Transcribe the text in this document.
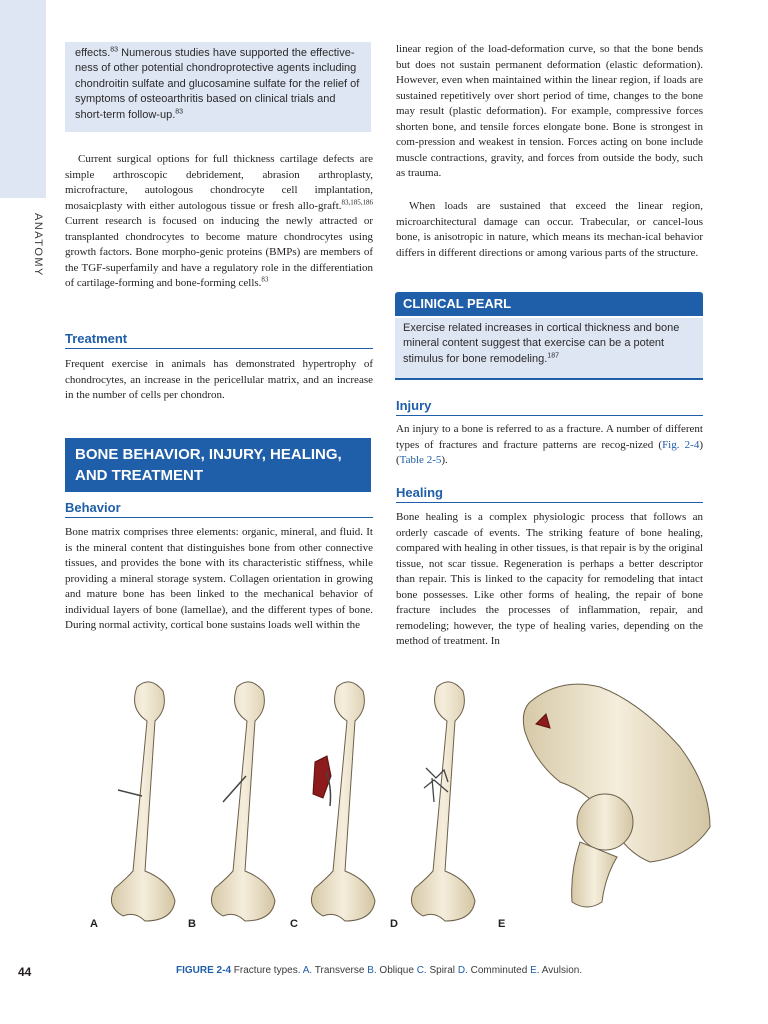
ANATOMY
effects.$^{83}$ Numerous studies have supported the effective-ness of other potential chondroprotective agents including chondroitin sulfate and glucosamine sulfate for the relief of symptoms of osteoarthritis based on clinical trials and short-term follow-up.$^{83}$
Current surgical options for full thickness cartilage defects are simple arthroscopic debridement, abrasion arthroplasty, microfracture, autologous chondrocyte cell implantation, mosaicplasty with either autologous tissue or fresh allo-graft.$^{83,185,186}$ Current research is focused on inducing the newly attracted or transplanted chondrocytes to become mature chondrocytes using growth factors. Bone morpho-genic proteins (BMPs) are members of the TGF-superfamily and have a regulatory role in the differentiation of cartilage-forming and bone-forming cells.$^{83}$
Treatment
Frequent exercise in animals has demonstrated hypertrophy of chondrocytes, an increase in the pericellular matrix, and an increase in the number of cells per chondron.
BONE BEHAVIOR, INJURY, HEALING, AND TREATMENT
Behavior
Bone matrix comprises three elements: organic, mineral, and fluid. It is the mineral content that distinguishes bone from other connective tissues, and provides the bone with its characteristic stiffness, while providing a mineral storage system. Collagen orientation in growing and mature bone has been linked to the mechanical behavior of individual layers of bone (lamellae), and the different types of bone. During normal activity, cortical bone sustains loads well within the
linear region of the load-deformation curve, so that the bone bends but does not sustain permanent deformation (elastic deformation). However, even when maintained within the linear region, if loads are sustained repetitively over short period of time, changes to the bone may result (plastic deformation). For example, compressive forces shorten bone, and tensile forces elongate bone. Bone is strongest in com-pression and weakest in tension. Forces acting on bone include muscle contractions, gravity, and forces from outside the body, such as trauma.
When loads are sustained that exceed the linear region, microarchitectural damage can occur. Trabecular, or cancel-lous bone, is anisotropic in nature, which means its mechan-ical behavior differs in different directions or among various parts of the structure.
CLINICAL PEARL
Exercise related increases in cortical thickness and bone mineral content suggest that exercise can be a potent stimulus for bone remodeling.$^{187}$
Injury
An injury to a bone is referred to as a fracture. A number of different types of fractures and fracture patterns are recog-nized (Fig. 2-4) (Table 2-5).
Healing
Bone healing is a complex physiologic process that follows an orderly cascade of events. The striking feature of bone healing, compared with healing in other tissues, is that repair is by the original tissue, not scar tissue. Regeneration is perhaps a better descriptor than repair. This is linked to the capacity for remodeling that intact bone possesses. Like other forms of healing, the repair of bone fracture includes the processes of inflammation, repair, and remodeling; however, the type of healing varies, depending on the method of treatment. In
A	B	C	D	E
FIGURE 2-4 Fracture types. A. Transverse B. Oblique C. Spiral D. Comminuted E. Avulsion.
44
